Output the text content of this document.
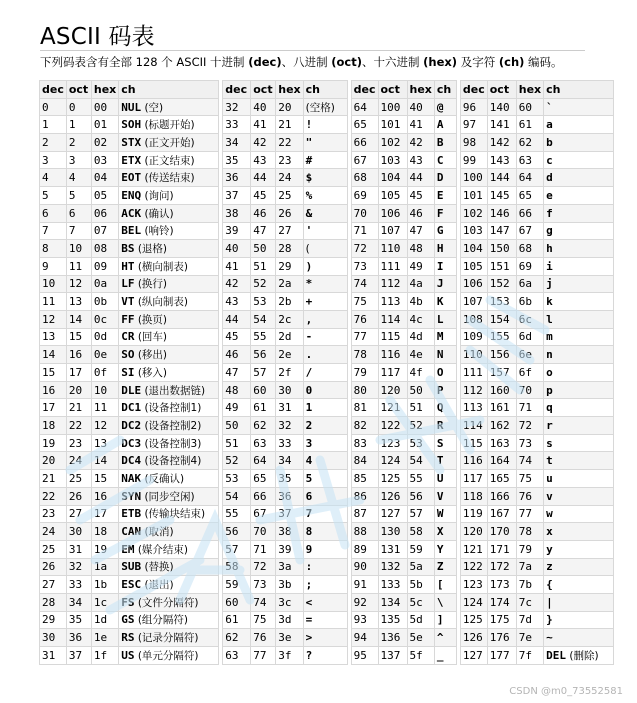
ASCII 码表
下列码表含有全部 128 个 ASCII 十进制 (dec)、八进制 (oct)、十六进制 (hex) 及字符 (ch) 编码。
dec	oct	hex	ch
0	0	00	NUL (空)
1	1	01	SOH (标题开始)
2	2	02	STX (正文开始)
3	3	03	ETX (正文结束)
4	4	04	EOT (传送结束)
5	5	05	ENQ (询问)
6	6	06	ACK (确认)
7	7	07	BEL (响铃)
8	10	08	BS (退格)
9	11	09	HT (横向制表)
10	12	0a	LF (换行)
11	13	0b	VT (纵向制表)
12	14	0c	FF (换页)
13	15	0d	CR (回车)
14	16	0e	SO (移出)
15	17	0f	SI (移入)
16	20	10	DLE (退出数据链)
17	21	11	DC1 (设备控制1)
18	22	12	DC2 (设备控制2)
19	23	13	DC3 (设备控制3)
20	24	14	DC4 (设备控制4)
21	25	15	NAK (反确认)
22	26	16	SYN (同步空闲)
23	27	17	ETB (传输块结束)
24	30	18	CAN (取消)
25	31	19	EM (媒介结束)
26	32	1a	SUB (替换)
27	33	1b	ESC (退出)
28	34	1c	FS (文件分隔符)
29	35	1d	GS (组分隔符)
30	36	1e	RS (记录分隔符)
31	37	1f	US (单元分隔符)
dec	oct	hex	ch
32	40	20	(空格)
33	41	21	!
34	42	22	"
35	43	23	#
36	44	24	$
37	45	25	%
38	46	26	&
39	47	27	'
40	50	28	(
41	51	29	)
42	52	2a	*
43	53	2b	+
44	54	2c	,
45	55	2d	-
46	56	2e	.
47	57	2f	/
48	60	30	0
49	61	31	1
50	62	32	2
51	63	33	3
52	64	34	4
53	65	35	5
54	66	36	6
55	67	37	7
56	70	38	8
57	71	39	9
58	72	3a	:
59	73	3b	;
60	74	3c	<
61	75	3d	=
62	76	3e	>
63	77	3f	?
dec	oct	hex	ch
64	100	40	@
65	101	41	A
66	102	42	B
67	103	43	C
68	104	44	D
69	105	45	E
70	106	46	F
71	107	47	G
72	110	48	H
73	111	49	I
74	112	4a	J
75	113	4b	K
76	114	4c	L
77	115	4d	M
78	116	4e	N
79	117	4f	O
80	120	50	P
81	121	51	Q
82	122	52	R
83	123	53	S
84	124	54	T
85	125	55	U
86	126	56	V
87	127	57	W
88	130	58	X
89	131	59	Y
90	132	5a	Z
91	133	5b	[
92	134	5c	\
93	135	5d	]
94	136	5e	^
95	137	5f	_
dec	oct	hex	ch
96	140	60	`
97	141	61	a
98	142	62	b
99	143	63	c
100	144	64	d
101	145	65	e
102	146	66	f
103	147	67	g
104	150	68	h
105	151	69	i
106	152	6a	j
107	153	6b	k
108	154	6c	l
109	155	6d	m
110	156	6e	n
111	157	6f	o
112	160	70	p
113	161	71	q
114	162	72	r
115	163	73	s
116	164	74	t
117	165	75	u
118	166	76	v
119	167	77	w
120	170	78	x
121	171	79	y
122	172	7a	z
123	173	7b	{
124	174	7c	|
125	175	7d	}
126	176	7e	~
127	177	7f	DEL (删除)
CSDN @m0_73552581
